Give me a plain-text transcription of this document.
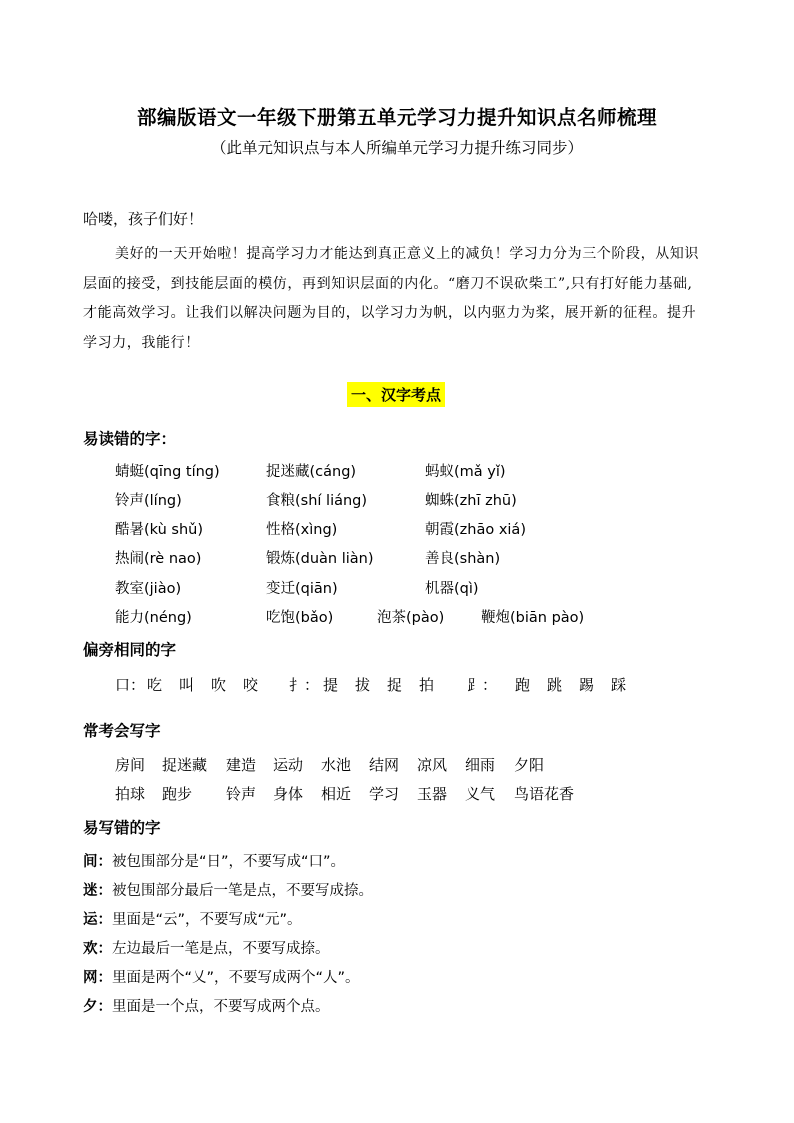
部编版语文一年级下册第五单元学习力提升知识点名师梳理
（此单元知识点与本人所编单元学习力提升练习同步）
哈喽，孩子们好！
美好的一天开始啦！提高学习力才能达到真正意义上的减负！学习力分为三个阶段，从知识层面的接受，到技能层面的模仿，再到知识层面的内化。“磨刀不误砍柴工”,只有打好能力基础,才能高效学习。让我们以解决问题为目的，以学习力为帆，以内驱力为桨，展开新的征程。提升学习力，我能行！
一、汉字考点
易读错的字：
蜻蜓(qīng tíng)	捉迷藏(cáng)	蚂蚁(mǎ yǐ)
铃声(líng)	食粮(shí liáng)	蜘蛛(zhī zhū)
酷暑(kù shǔ)	性格(xìng)	朝霞(zhāo xiá)
热闹(rè nao)	锻炼(duàn liàn)	善良(shàn)
教室(jiào)	变迁(qiān)	机器(qì)
能力(néng)	吃饱(bǎo)	泡茶(pào)	鞭炮(biān pào)
偏旁相同的字
口： 吃 叫 吹 咬 扌： 提 拔 捉 拍 ⻊： 跑 跳 踢 踩
常考会写字
房间 捉迷藏 建造 运动 水池 结网 凉风 细雨 夕阳
拍球 跑步 铃声 身体 相近 学习 玉器 义气 鸟语花香
易写错的字
间：被包围部分是“日”，不要写成“口”。
迷：被包围部分最后一笔是点，不要写成捺。
运：里面是“云”，不要写成“元”。
欢：左边最后一笔是点，不要写成捺。
网：里面是两个“乂”，不要写成两个“人”。
夕：里面是一个点，不要写成两个点。
